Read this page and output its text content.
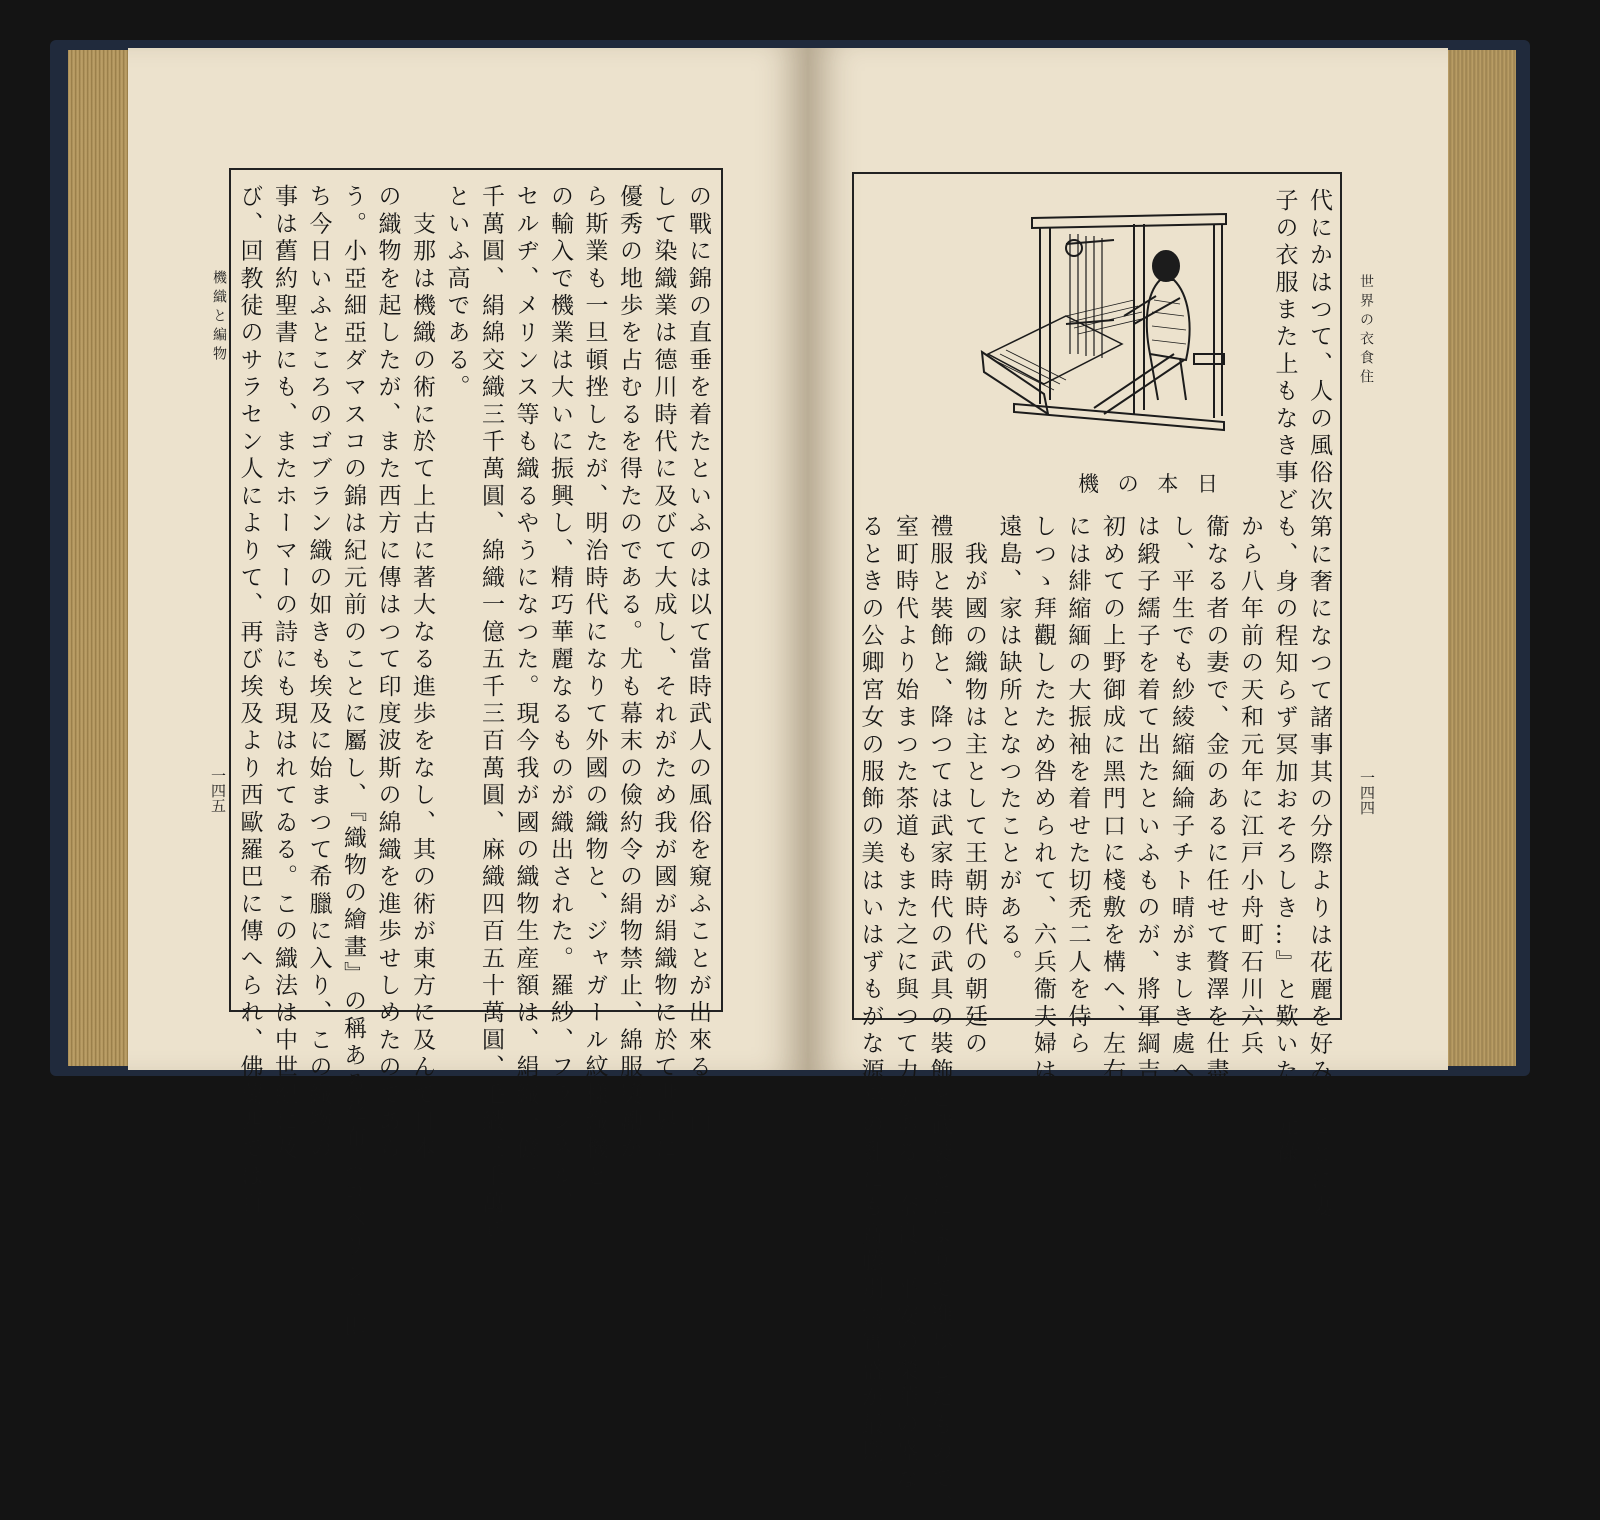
の戰に錦の直垂を着たといふのは以て當時武人の風俗を窺ふことが出來る。而
して染織業は德川時代に及びて大成し、それがため我が國が絹織物に於て世界に
優秀の地歩を占むるを得たのである。尤も幕末の儉約令の絹物禁止、綿服奬勵か
ら斯業も一旦頓挫したが、明治時代になりて外國の織物と、ジャガール紋樣織機と
の輸入で機業は大いに振興し、精巧華麗なるものが織出された。羅紗、フランネル、
セルヂ、メリンス等も織るやうになつた。現今我が國の織物生産額は、絹織一億二
千萬圓、絹綿交織三千萬圓、綿織一億五千三百萬圓、麻織四百五十萬圓、毛織三千萬圓
といふ高である。
　支那は機織の術に於て上古に著大なる進歩をなし、其の術が東方に及んで日本
の織物を起したが、また西方に傳はつて印度波斯の綿織を進歩せしめたのであら
う。小亞細亞ダマスコの錦は紀元前のことに屬し、『織物の繪畫』の稱ある花布（ゴベリン）即
ち今日いふところのゴブラン織の如きも埃及に始まつて希臘に入り、この織物の
事は舊約聖書にも、またホーマーの詩にも現はれてゐる。この織法は中世紀に及
び、回教徒のサラセン人によりて、再び埃及より西歐羅巴に傳へられ、佛蘭西では百
機織と編物
一四五	代にかはつて、人の風俗次第に奢になつて諸事其の分際よりは花麗を好み、ことに妻
子の衣服また上もなき事ども、身の程知らず冥加おそろしき…』と歎いた。元祿
機 の 本 日
から八年前の天和元年に江戸小舟町石川六兵
衞なる者の妻で、金のあるに任せて贅澤を仕盡
し、平生でも紗綾縮緬綸子チト晴がましき處へ
は緞子繻子を着て出たといふものが、將軍綱吉
初めての上野御成に黑門口に棧敷を構へ、左右
には緋縮緬の大振袖を着せた切禿二人を侍ら
しつゝ拜觀したため咎められて、六兵衞夫婦は
遠島、家は缺所となつたことがある。
　我が國の織物は主として王朝時代の朝廷の
禮服と裝飾と、降つては武家時代の武具の裝飾と武裝とによりて進歩したもので、
室町時代より始まつた茶道もまた之に與つて力がある。奈良、平安の榮華の盛な
るときの公卿宮女の服飾の美はいはずもがな源平の亂にも齋藤別當實盛が最期
世界の衣食住
一四四
